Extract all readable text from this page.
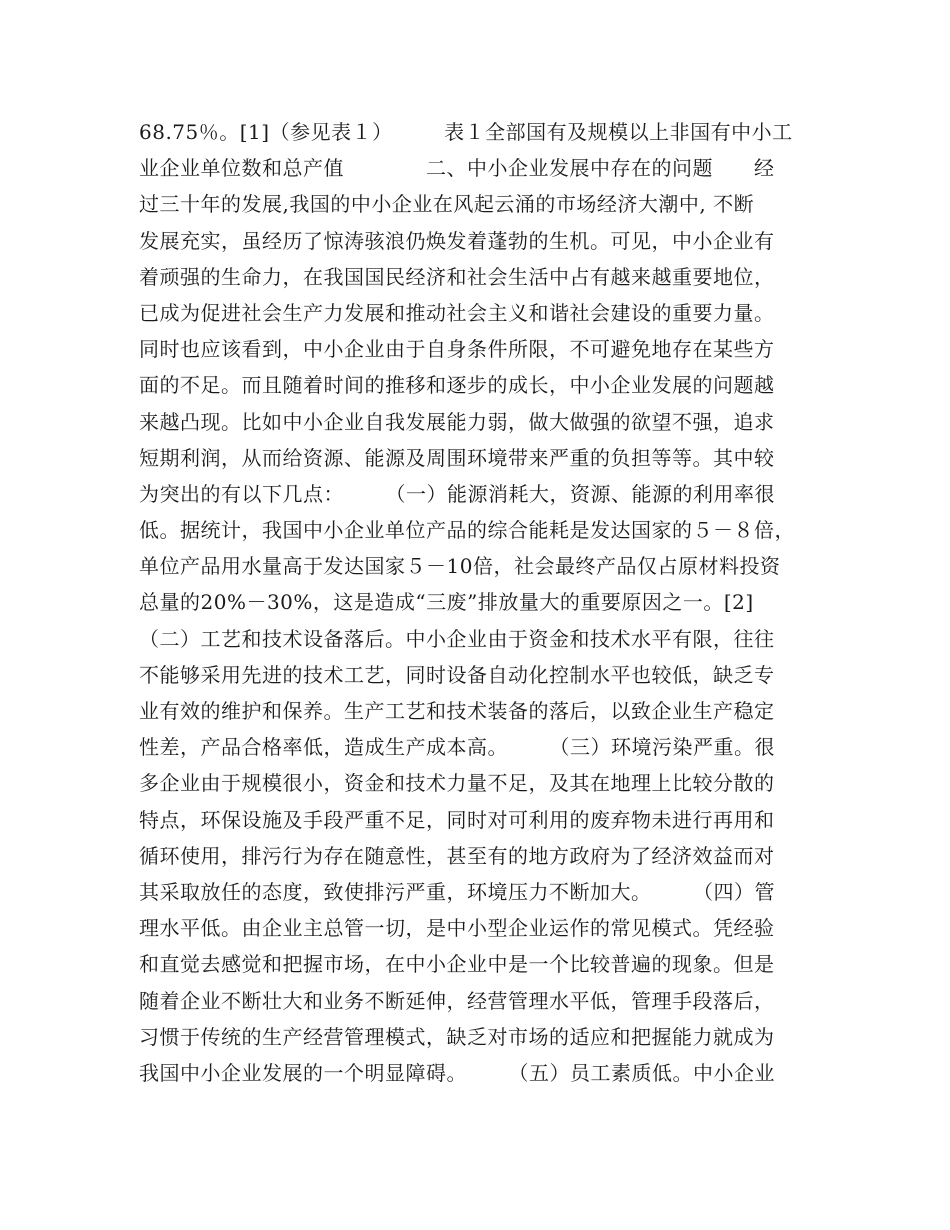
68.75％。[1]（参见表１）　　　表１全部国有及规模以上非国有中小工
业企业单位数和总产值　　　　二、中小企业发展中存在的问题　　经
过三十年的发展,我国的中小企业在风起云涌的市场经济大潮中, 不断
发展充实，虽经历了惊涛骇浪仍焕发着蓬勃的生机。可见，中小企业有
着顽强的生命力，在我国国民经济和社会生活中占有越来越重要地位，
已成为促进社会生产力发展和推动社会主义和谐社会建设的重要力量。
同时也应该看到，中小企业由于自身条件所限，不可避免地存在某些方
面的不足。而且随着时间的推移和逐步的成长，中小企业发展的问题越
来越凸现。比如中小企业自我发展能力弱，做大做强的欲望不强，追求
短期利润，从而给资源、能源及周围环境带来严重的负担等等。其中较
为突出的有以下几点：　　　（一）能源消耗大，资源、能源的利用率很
低。据统计，我国中小企业单位产品的综合能耗是发达国家的５－８倍，
单位产品用水量高于发达国家５－10倍，社会最终产品仅占原材料投资
总量的20%－30%，这是造成“三废”排放量大的重要原因之一。[2]
（二）工艺和技术设备落后。中小企业由于资金和技术水平有限，往往
不能够采用先进的技术工艺，同时设备自动化控制水平也较低，缺乏专
业有效的维护和保养。生产工艺和技术装备的落后，以致企业生产稳定
性差，产品合格率低，造成生产成本高。　　　（三）环境污染严重。很
多企业由于规模很小，资金和技术力量不足，及其在地理上比较分散的
特点，环保设施及手段严重不足，同时对可利用的废弃物未进行再用和
循环使用，排污行为存在随意性，甚至有的地方政府为了经济效益而对
其采取放任的态度，致使排污严重，环境压力不断加大。　　　（四）管
理水平低。由企业主总管一切，是中小型企业运作的常见模式。凭经验
和直觉去感觉和把握市场，在中小企业中是一个比较普遍的现象。但是
随着企业不断壮大和业务不断延伸，经营管理水平低，管理手段落后，
习惯于传统的生产经营管理模式，缺乏对市场的适应和把握能力就成为
我国中小企业发展的一个明显障碍。　　　（五）员工素质低。中小企业
